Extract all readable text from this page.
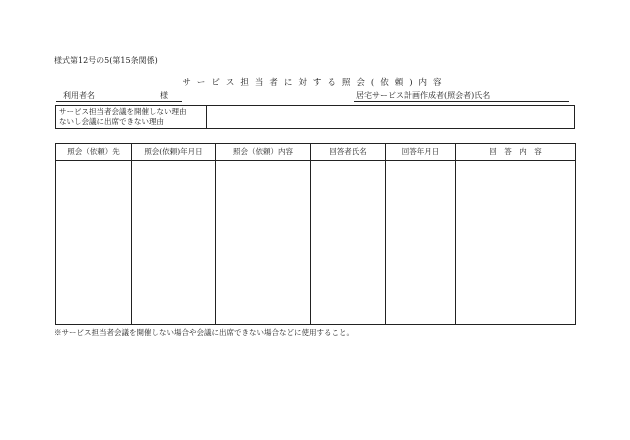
様式第12号の5(第15条関係)
サービス担当者に対する照会(依頼)内容
利用者名	様	居宅サービス計画作成者(照会者)氏名
サービス担当者会議を開催しない理由
ないし会議に出席できない理由
照会（依頼）先	照会(依頼)年月日	照会（依頼）内容	回答者氏名	回答年月日	回　答　内　容
※サービス担当者会議を開催しない場合や会議に出席できない場合などに使用すること。
